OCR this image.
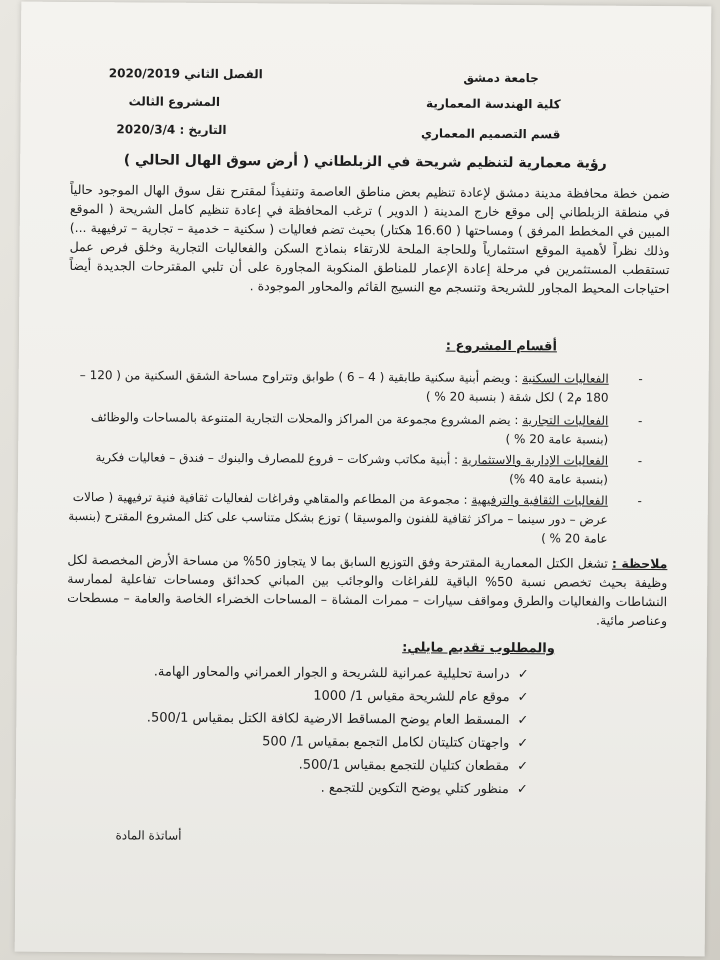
جامعة دمشق
كلية الهندسة المعمارية
قسم التصميم المعماري
الفصل الثاني 2020/2019
المشروع الثالث
التاريخ : 2020/3/4
رؤية معمارية لتنظيم شريحة في الزبلطاني ( أرض سوق الهال الحالي )
ضمن خطة محافظة مدينة دمشق لإعادة تنظيم بعض مناطق العاصمة وتنفيذاً لمقترح نقل سوق الهال الموجود حالياً في منطقة الزبلطاني إلى موقع خارج المدينة ( الدوير ) ترغب المحافظة في إعادة تنظيم كامل الشريحة ( الموقع المبين في المخطط المرفق ) ومساحتها ( 16.60 هكتار) بحيث تضم فعاليات ( سكنية – خدمية – تجارية – ترفيهية ...) وذلك نظراً لأهمية الموقع استثمارياً وللحاجة الملحة للارتقاء بنماذج السكن والفعاليات التجارية وخلق فرص عمل تستقطب المستثمرين في مرحلة إعادة الإعمار للمناطق المنكوبة المجاورة على أن تلبي المقترحات الجديدة أيضاً احتياجات المحيط المجاور للشريحة وتنسجم مع النسيج القائم والمحاور الموجودة .
أقسام المشروع :
-
الفعاليات السكنية : ويضم أبنية سكنية طابقية ( 4 – 6 ) طوابق وتتراوح مساحة الشقق السكنية من ( 120 – 180 م2 ) لكل شقة ( بنسبة 20 % )
-
الفعاليات التجارية : يضم المشروع مجموعة من المراكز والمحلات التجارية المتنوعة بالمساحات والوظائف (بنسبة عامة 20 % )
-
الفعاليات الإدارية والاستثمارية : أبنية مكاتب وشركات – فروع للمصارف والبنوك – فندق – فعاليات فكرية (بنسبة عامة 40 %)
-
الفعاليات الثقافية والترفيهية : مجموعة من المطاعم والمقاهي وفراغات لفعاليات ثقافية فنية ترفيهية ( صالات عرض – دور سينما – مراكز ثقافية للفنون والموسيقا ) توزع بشكل متناسب على كتل المشروع المقترح (بنسبة عامة 20 % )
ملاحظة : تشغل الكتل المعمارية المقترحة وفق التوزيع السابق بما لا يتجاوز 50% من مساحة الأرض المخصصة لكل وظيفة بحيث تخصص نسبة 50% الباقية للفراغات والوجائب بين المباني كحدائق ومساحات تفاعلية لممارسة النشاطات والفعاليات والطرق ومواقف سيارات – ممرات المشاة – المساحات الخضراء الخاصة والعامة – مسطحات وعناصر مائية.
والمطلوب تقديم مايلي:
✓دراسة تحليلية عمرانية للشريحة و الجوار العمراني والمحاور الهامة.
✓موقع عام للشريحة مقياس 1/ 1000
✓المسقط العام يوضح المساقط الارضية لكافة الكتل بمقياس 500/1.
✓واجهتان كتليتان لكامل التجمع بمقياس 1/ 500
✓مقطعان كتليان للتجمع بمقياس 500/1.
✓منظور كتلي يوضح التكوين للتجمع .
أساتذة المادة
